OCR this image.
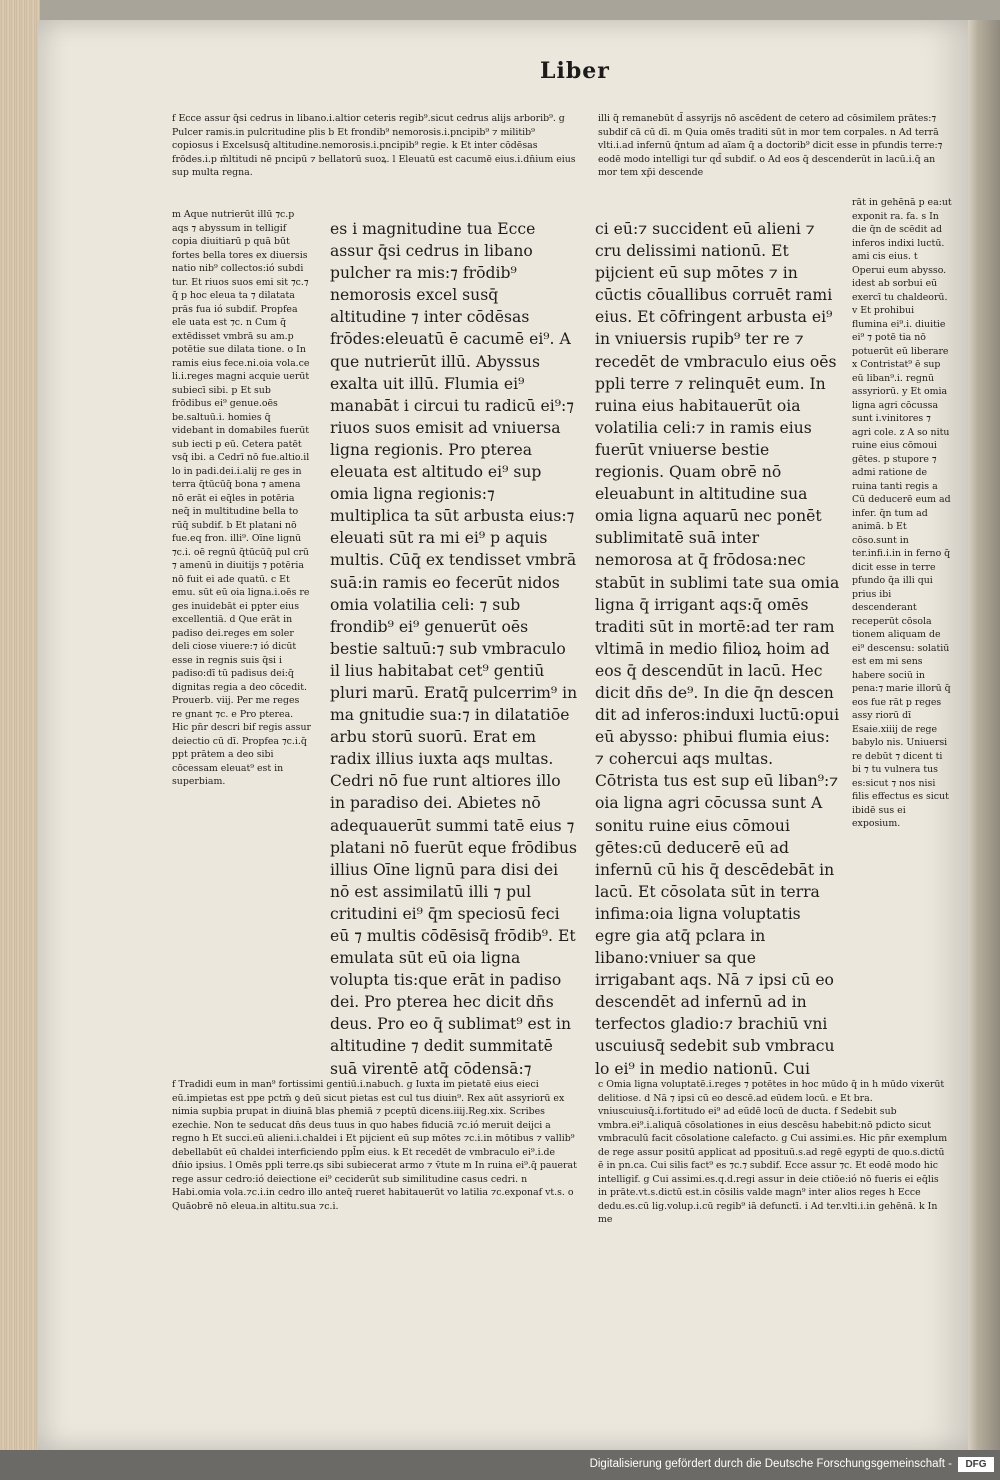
Liber
f Ecce assur q̄si cedrus in libano.i.altior ceteris regib⁹.sicut cedrus alijs arborib⁹. g Pulcer ramis.in pulcritudine plis b Et frondib⁹ nemorosis.i.pncipib⁹ ⁊ militib⁹ copiosus i Excelsusq̄ altitudine.nemorosis.i.pncipib⁹ regie. k Et inter cōdēsas frōdes.i.p m̄ltitudi nē pncipū ⁊ bellatorū suoꝝ. l Eleuatū est cacumē eius.i.dn̄ium eius sup multa regna.
illi q̄ remanebūt d̄ assyrijs nō ascēdent de cetero ad cōsimilem prātes:⁊ subdif cā cū dī. m Quia omēs traditi sūt in mor tem corpales. n Ad terrā vlti.i.ad infernū q̄ntum ad aīam q̄ a doctorib⁹ dicit esse in pfundis terre:⁊ eodē modo intelligi tur qd̄ subdif. o Ad eos q̄ descenderūt in lacū.i.q̄ an mor tem xp̄i descende
m Aque nutrierūt illū ⁊c.p aqs ⁊ abyssum in telligif copia diuitiarū p quā būt fortes bella tores ex diuersis natio nib⁹ collectos:ió subdi tur. Et riuos suos emi sit ⁊c.⁊ q̄ p hoc eleua ta ⁊ dilatata prās fua ió subdif. Propfea ele uata est ⁊c. n Cum q̄ extēdisset vmbrā su am.p potētie sue dilata tione. o In ramis eius fece.ni.oia vola.ce li.i.reges magni acquie uerūt subiecī sibi. p Et sub frōdibus ei⁹ genue.oēs be.saltuū.i. homies q̄ videbant in domabiles fuerūt sub iecti p eū. Cetera patēt vsq̄ ibi. a Cedrī nō fue.altio.il lo in padi.dei.i.alij re ges in terra q̄tūcūq̄ bona ⁊ amena nō erāt ei eq̄les in potēria neq̄ in multitudine bella to rūq̄ subdif. b Et platani nō fue.eq fron. illi⁹. Oīne lignū ⁊c.i. oē regnū q̄tūcūq̄ pul crū ⁊ amenū in diuitijs ⁊ potēria nō fuit ei ade quatū. c Et emu. sūt eū oia ligna.i.oēs re ges inuidebāt ei ppter eius excellentiā. d Que erāt in padiso dei.reges em soler deli ciose viuere:⁊ ió dicūt esse in regnis suis q̄si i padiso:dī tū padisus dei:q̄ dignitas regia a deo cōcedit. Prouerb. viij. Per me reges re gnant ⁊c. e Pro pterea. Hic pn̄r descri bif regis assur deiectio cū dī. Propfea ⁊c.i.q̄ ppt prātem a deo sibi cōcessam eleuat⁹ est in superbiam.
es i magnitudine tua Ecce assur q̄si cedrus in libano pulcher ra mis:⁊ frōdib⁹ nemorosis excel susq̄ altitudine ⁊ inter cōdēsas frōdes:eleuatū ē cacumē ei⁹. A que nutrierūt illū. Abyssus exalta uit illū. Flumia ei⁹ manabāt i circui tu radicū ei⁹:⁊ riuos suos emisit ad vniuersa ligna regionis. Pro pterea eleuata est altitudo ei⁹ sup omia ligna regionis:⁊ multiplica ta sūt arbusta eius:⁊ eleuati sūt ra mi ei⁹ p aquis multis. Cūq̄ ex tendisset vmbrā suā:in ramis eo fecerūt nidos omia volatilia celi: ⁊ sub frondib⁹ ei⁹ genuerūt oēs bestie saltuū:⁊ sub vmbraculo il lius habitabat cet⁹ gentiū pluri marū. Eratq̄ pulcerrim⁹ in ma gnitudie sua:⁊ in dilatatiōe arbu storū suorū. Erat em radix illius iuxta aqs multas. Cedri nō fue runt altiores illo in paradiso dei. Abietes nō adequauerūt summi tatē eius ⁊ platani nō fuerūt eque frōdibus illius Oīne lignū para disi dei nō est assimilatū illi ⁊ pul critudini ei⁹ q̄m speciosū feci eū ⁊ multis cōdēsisq̄ frōdib⁹. Et emulata sūt eū oia ligna volupta tis:que erāt in padiso dei. Pro pterea hec dicit dn̄s deus. Pro eo q̄ sublimat⁹ est in altitudine ⁊ dedit summitatē suā virentē atq̄ cōdensā:⁊
ci eū:⁊ succident eū alieni ⁊ cru delissimi nationū. Et pijcient eū sup mōtes ⁊ in cūctis cōuallibus corruēt rami eius. Et cōfringent arbusta ei⁹ in vniuersis rupib⁹ ter re ⁊ recedēt de vmbraculo eius oēs ppli terre ⁊ relinquēt eum. In ruina eius habitauerūt oia volatilia celi:⁊ in ramis eius fuerūt vniuerse bestie regionis. Quam obrē nō eleuabunt in altitudine sua omia ligna aquarū nec ponēt sublimitatē suā inter nemorosa at q̄ frōdosa:nec stabūt in sublimi tate sua omia ligna q̄ irrigant aqs:q̄ omēs traditi sūt in mortē:ad ter ram vltimā in medio filioꝝ hoim ad eos q̄ descendūt in lacū. Hec dicit dn̄s de⁹. In die q̄n descen dit ad inferos:induxi luctū:opui eū abysso: phibui flumia eius: ⁊ cohercui aqs multas. Cōtrista tus est sup eū liban⁹:⁊ oia ligna agri cōcussa sunt A sonitu ruine eius cōmoui gētes:cū deducerē eū ad infernū cū his q̄ descēdebāt in lacū. Et cōsolata sūt in terra infima:oia ligna voluptatis egre gia atq̄ pclara in libano:vniuer sa que irrigabant aqs. Nā ⁊ ipsi cū eo descendēt ad infernū ad in terfectos gladio:⁊ brachiū vni uscuiusq̄ sedebit sub vmbracu lo ei⁹ in medio nationū. Cui
rāt in gehēnā p ea:ut exponit ra. fa. s In die q̄n de scēdit ad inferos indixi luctū. ami cis eius. t Operui eum abysso. idest ab sorbui eū exercī tu chaldeorū. v Et prohibui flumina ei⁹.i. diuitie ei⁹ ⁊ potē tia nō potuerūt eū liberare x Contristat⁹ ē sup eū liban⁹.i. regnū assyriorū. y Et omia ligna agri cōcussa sunt i.vinitores ⁊ agri cole. z A so nitu ruine eius cōmoui gētes. p stupore ⁊ admi ratione de ruina tanti regis a Cū deducerē eum ad infer. q̄n tum ad animā. b Et cōso.sunt in ter.infi.i.in in ferno q̄ dicit esse in terre pfundo q̄a illi qui prius ibi descenderant receperūt cōsola tionem aliquam de ei⁹ descensu: solatiū est em mi sens habere sociū in pena:⁊ marie illorū q̄ eos fue rāt p reges assy riorū dī Esaie.xiiij de rege babylo nis. Uniuersi re debūt ⁊ dicent ti bi ⁊ tu vulnera tus es:sicut ⁊ nos nisi filis effectus es sicut ibidē sus ei exposium.
f Tradidi eum in man⁹ fortissimi gentiū.i.nabuch. g Iuxta im pietatē eius eieci eū.impietas est ppe pctm̄ ꝯ deū sicut pietas est cul tus diuin⁹. Rex aūt assyriorū ex nimia supbia prupat in diuinā blas phemiā ⁊ pceptū dicens.iiij.Reg.xix. Scribes ezechie. Non te seducat dn̄s deus tuus in quo habes fiduciā ⁊c.ió meruit deijci a regno h Et succi.eū alieni.i.chaldei i Et pijcient eū sup mōtes ⁊c.i.in mōtibus ⁊ vallib⁹ debellabūt eū chaldei interficiendo ppl̄m eius. k Et recedēt de vmbraculo ei⁹.i.de dn̄io ipsius. l Omēs ppli terre.qs sibi subiecerat armo ⁊ v̄tute m In ruina ei⁹.q̄ pauerat rege assur cedro:ió deiectione ei⁹ ceciderūt sub similitudine casus cedri. n Habi.omia vola.⁊c.i.in cedro illo anteq̄ rueret habitauerūt vo latilia ⁊c.exponaf vt.s. o Quāobrē nō eleua.in altitu.sua ⁊c.i.
c Omia ligna voluptatē.i.reges ⁊ potētes in hoc mūdo q̄ in h mūdo vixerūt delitiose. d Nā ⁊ ipsi cū eo descē.ad eūdem locū. e Et bra. vniuscuiusq̄.i.fortitudo ei⁹ ad eūdē locū de ducta. f Sedebit sub vmbra.ei⁹.i.aliquā cōsolationes in eius descēsu habebit:nō pdicto sicut vmbraculū facit cōsolatione calefacto. g Cui assimi.es. Hic pn̄r exemplum de rege assur positū applicat ad pposituū.s.ad regē egypti de quo.s.dictū ē in pn.ca. Cui silis fact⁹ es ⁊c.⁊ subdif. Ecce assur ⁊c. Et eodē modo hic intelligif. g Cui assimi.es.q.d.regi assur in deie ctiōe:ió nō fueris ei eq̄lis in prāte.vt.s.dictū est.in cōsilis valde magn⁹ inter alios reges h Ecce dedu.es.cū lig.volup.i.cū regib⁹ iā defunctī. i Ad ter.vlti.i.in gehēnā. k In me
Digitalisierung gefördert durch die Deutsche Forschungsgemeinschaft -	DFG
